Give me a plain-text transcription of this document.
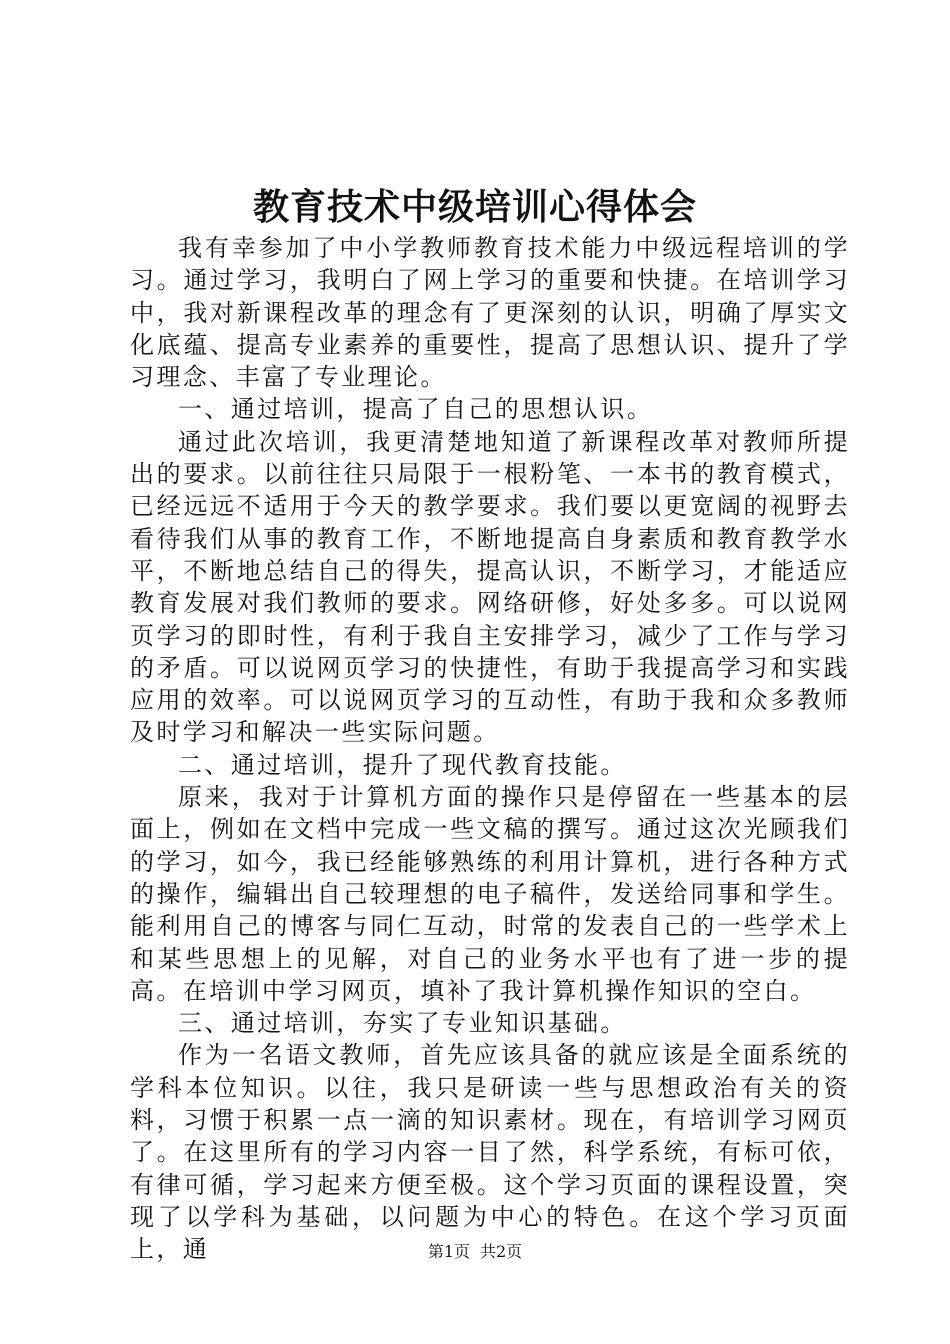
教育技术中级培训心得体会

我有幸参加了中小学教师教育技术能力中级远程培训的学习。通过学习，我明白了网上学习的重要和快捷。在培训学习中，我对新课程改革的理念有了更深刻的认识，明确了厚实文化底蕴、提高专业素养的重要性，提高了思想认识、提升了学习理念、丰富了专业理论。

一、通过培训，提高了自己的思想认识。

通过此次培训，我更清楚地知道了新课程改革对教师所提出的要求。以前往往只局限于一根粉笔、一本书的教育模式，已经远远不适用于今天的教学要求。我们要以更宽阔的视野去看待我们从事的教育工作，不断地提高自身素质和教育教学水平，不断地总结自己的得失，提高认识，不断学习，才能适应教育发展对我们教师的要求。网络研修，好处多多。可以说网页学习的即时性，有利于我自主安排学习，减少了工作与学习的矛盾。可以说网页学习的快捷性，有助于我提高学习和实践应用的效率。可以说网页学习的互动性，有助于我和众多教师及时学习和解决一些实际问题。

二、通过培训，提升了现代教育技能。

原来，我对于计算机方面的操作只是停留在一些基本的层面上，例如在文档中完成一些文稿的撰写。通过这次光顾我们的学习，如今，我已经能够熟练的利用计算机，进行各种方式的操作，编辑出自己较理想的电子稿件，发送给同事和学生。能利用自己的博客与同仁互动，时常的发表自己的一些学术上和某些思想上的见解，对自己的业务水平也有了进一步的提高。在培训中学习网页，填补了我计算机操作知识的空白。

三、通过培训，夯实了专业知识基础。

作为一名语文教师，首先应该具备的就应该是全面系统的学科本位知识。以往，我只是研读一些与思想政治有关的资料，习惯于积累一点一滴的知识素材。现在，有培训学习网页了。在这里所有的学习内容一目了然，科学系统，有标可依，有律可循，学习起来方便至极。这个学习页面的课程设置，突现了以学科为基础，以问题为中心的特色。在这个学习页面上，通	第1页 共2页
